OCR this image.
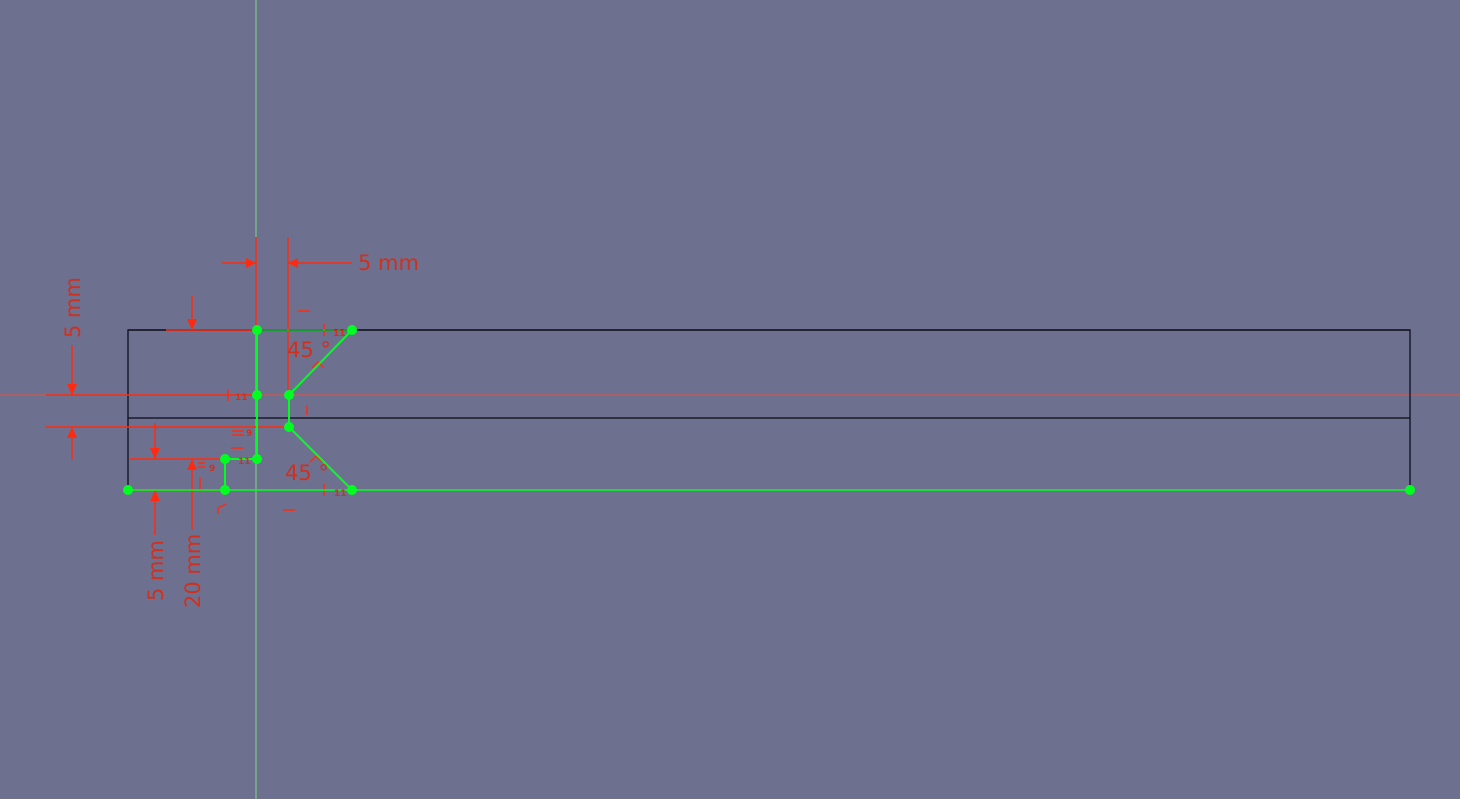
5 mm
5 mm
5 mm 20 mm
45 °
45 °
11
11
11
11
9
9
